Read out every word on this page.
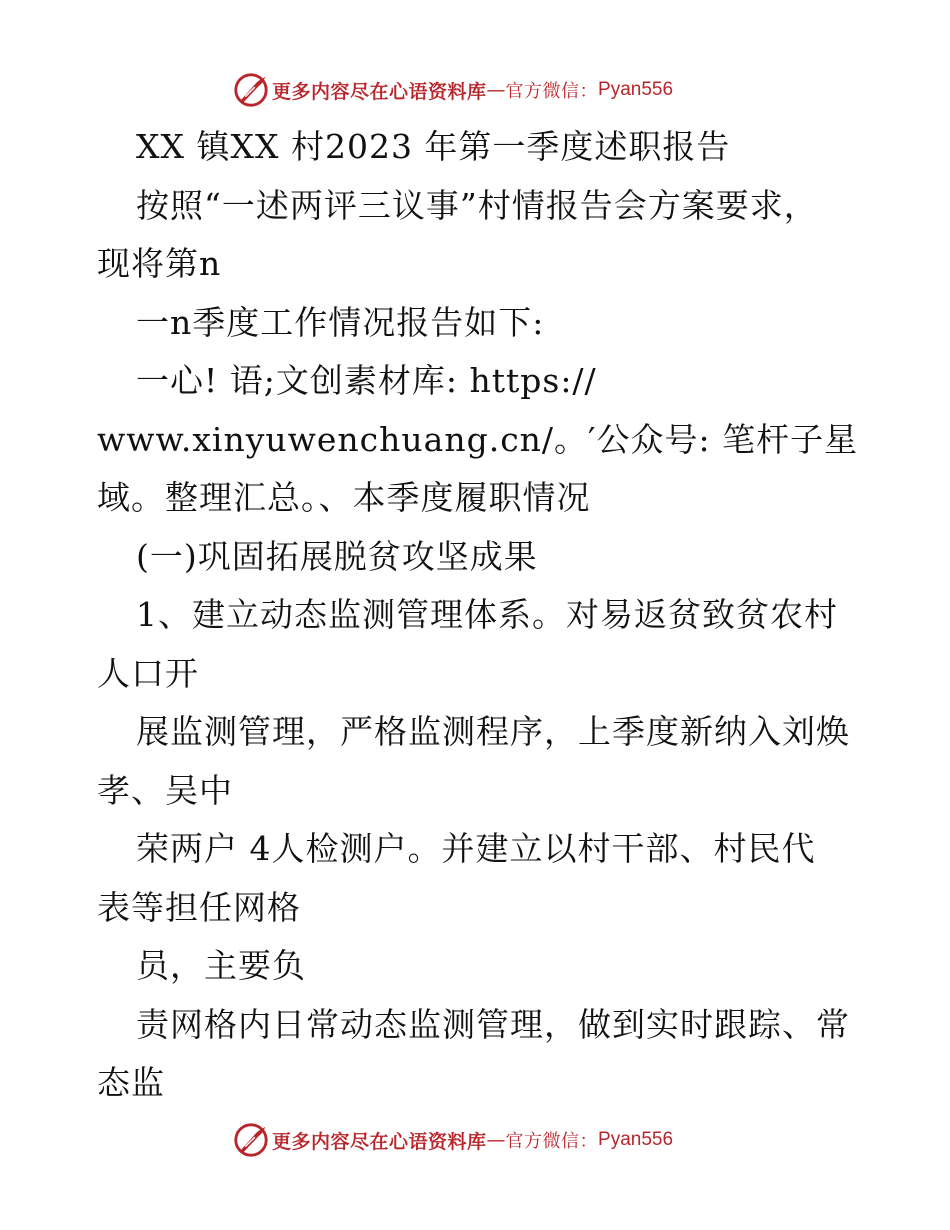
更多内容尽在心语资料库 — 官方微信： Pyan556
XX 镇XX 村2023 年第一季度述职报告
按照“一述两评三议事”村情报告会方案要求，
现将第n
一n季度工作情况报告如下:
一心! 语;文创素材库: https://
www.xinyuwenchuang.cn/。′公众号: 笔杆子星
域。整理汇总。、本季度履职情况
(一)巩固拓展脱贫攻坚成果
1、建立动态监测管理体系。对易返贫致贫农村
人口开
展监测管理，严格监测程序，上季度新纳入刘焕
孝、吴中
荣两户 4人检测户。并建立以村干部、村民代
表等担任网格
员，主要负
责网格内日常动态监测管理，做到实时跟踪、常
态监
更多内容尽在心语资料库 — 官方微信： Pyan556
